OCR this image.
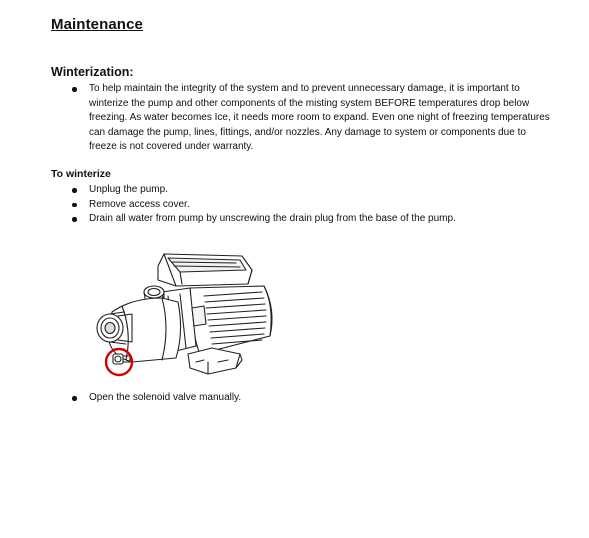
Maintenance
Winterization:
To help maintain the integrity of the system and to prevent unnecessary damage, it is important to winterize the pump and other components of the misting system BEFORE temperatures drop below freezing. As water becomes Ice, it needs more room to expand. Even one night of freezing temperatures can damage the pump, lines, fittings, and/or nozzles. Any damage to system or components due to freeze is not covered under warranty.
To winterize
Unplug the pump.
Remove access cover.
Drain all water from pump by unscrewing the drain plug from the base of the pump.
Open the solenoid valve manually.
